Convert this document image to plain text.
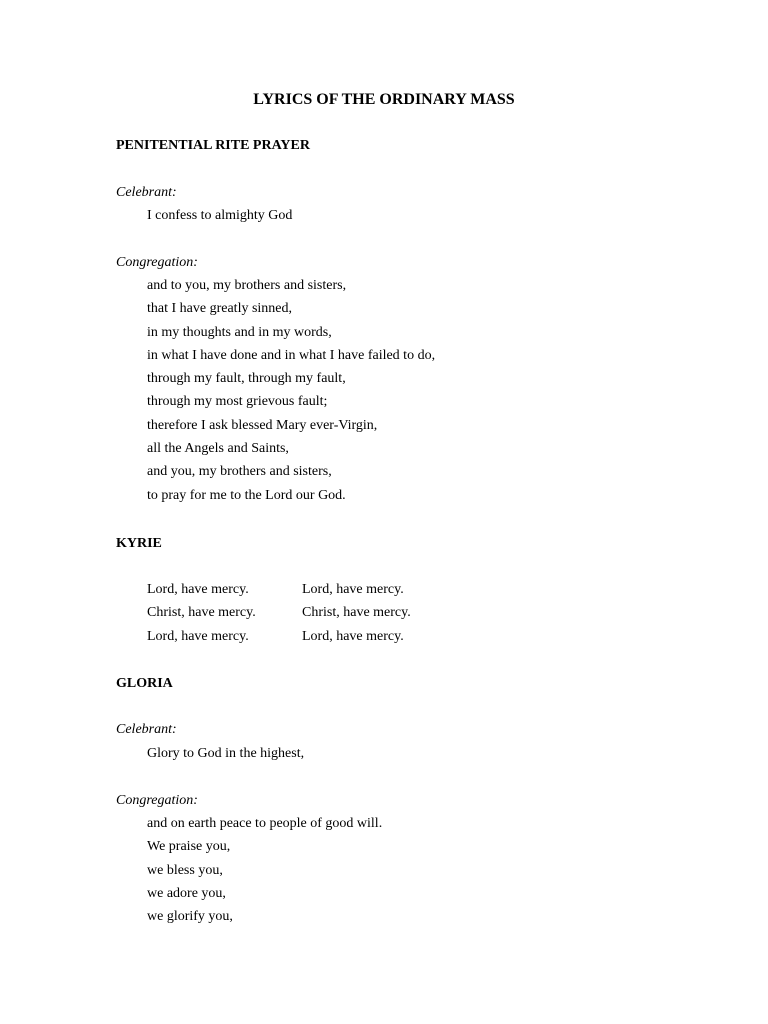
LYRICS OF THE ORDINARY MASS
PENITENTIAL RITE PRAYER
Celebrant:
I confess to almighty God
Congregation:
and to you, my brothers and sisters,
that I have greatly sinned,
in my thoughts and in my words,
in what I have done and in what I have failed to do,
through my fault, through my fault,
through my most grievous fault;
therefore I ask blessed Mary ever-Virgin,
all the Angels and Saints,
and you, my brothers and sisters,
to pray for me to the Lord our God.
KYRIE
Lord, have mercy.	Lord, have mercy.
Christ, have mercy.	Christ, have mercy.
Lord, have mercy.	Lord, have mercy.
GLORIA
Celebrant:
Glory to God in the highest,
Congregation:
and on earth peace to people of good will.
We praise you,
we bless you,
we adore you,
we glorify you,
